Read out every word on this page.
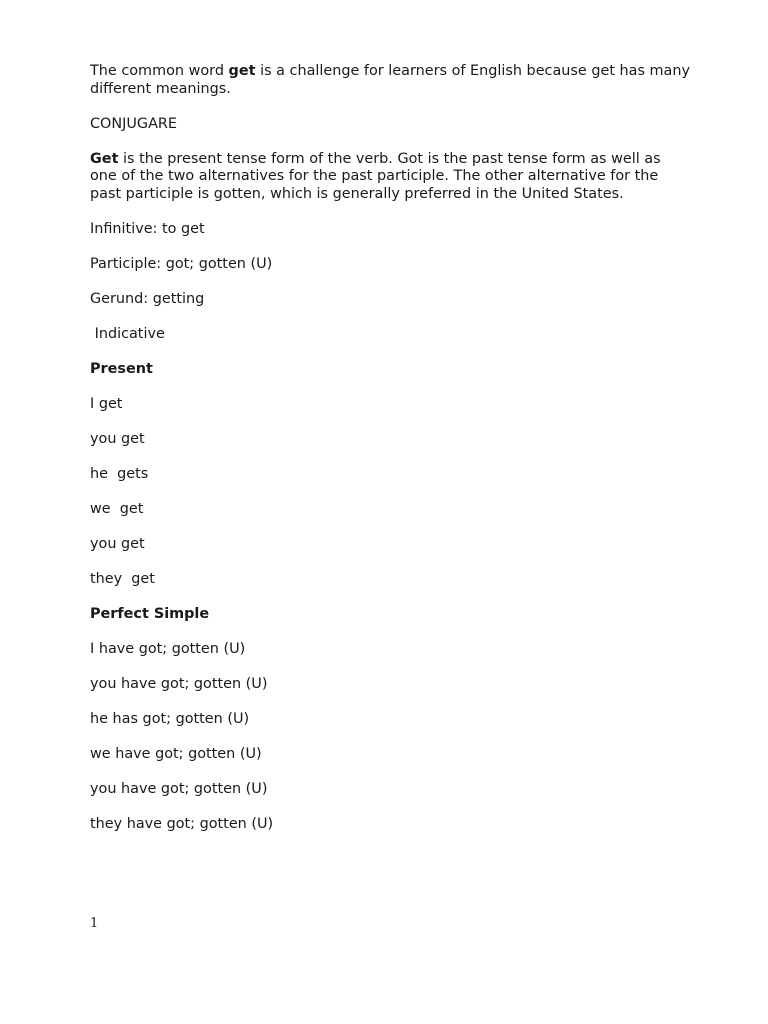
The common word get is a challenge for learners of English because get has many different meanings.

CONJUGARE

Get is the present tense form of the verb. Got is the past tense form as well as one of the two alternatives for the past participle. The other alternative for the past participle is gotten, which is generally preferred in the United States.

Infinitive: to get

Participle: got; gotten (U)

Gerund: getting

Indicative

Present

I get

you get

he  gets

we  get

you get

they  get

Perfect Simple

I have got; gotten (U)

you have got; gotten (U)

he has got; gotten (U)

we have got; gotten (U)

you have got; gotten (U)

they have got; gotten (U)

1
